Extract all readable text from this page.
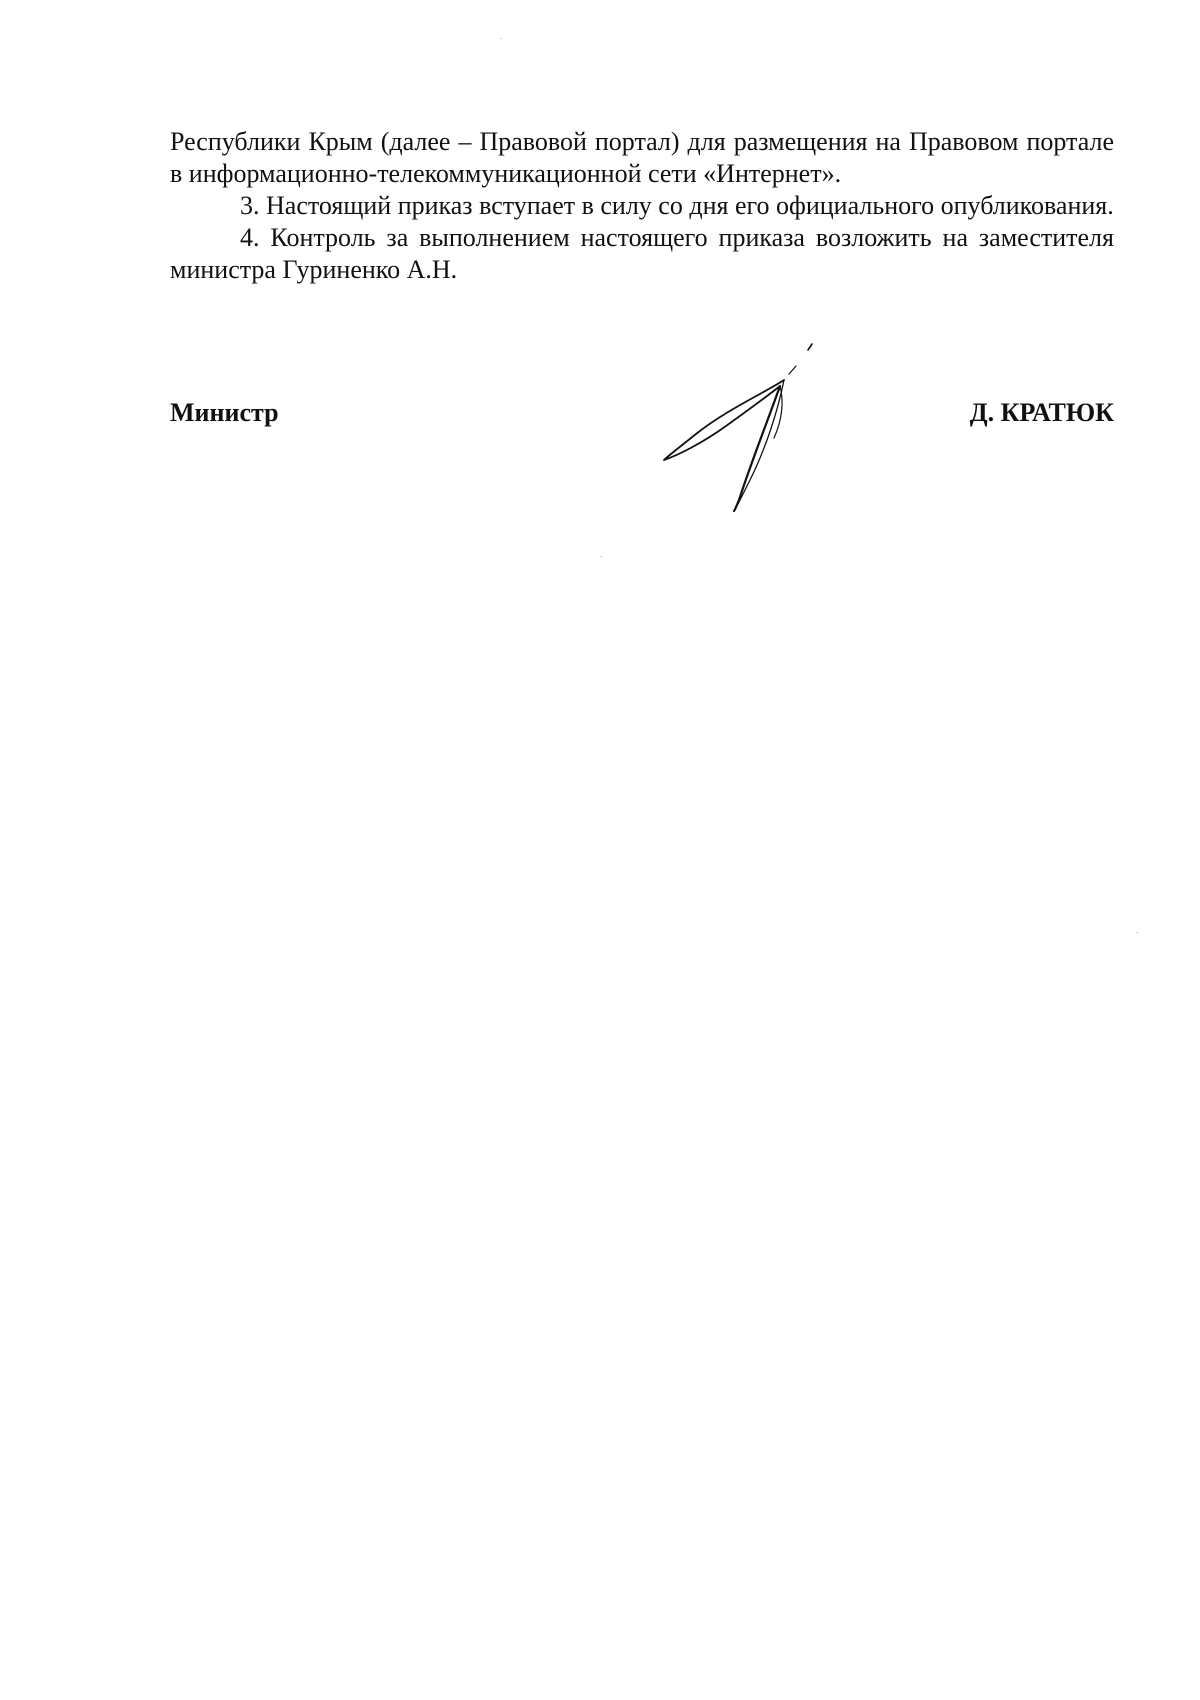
Республики Крым (далее – Правовой портал) для размещения на Правовом портале в информационно-телекоммуникационной сети «Интернет».

3. Настоящий приказ вступает в силу со дня его официального опубликования.

4. Контроль за выполнением настоящего приказа возложить на заместителя министра Гуриненко А.Н.

Министр	Д. КРАТЮК
